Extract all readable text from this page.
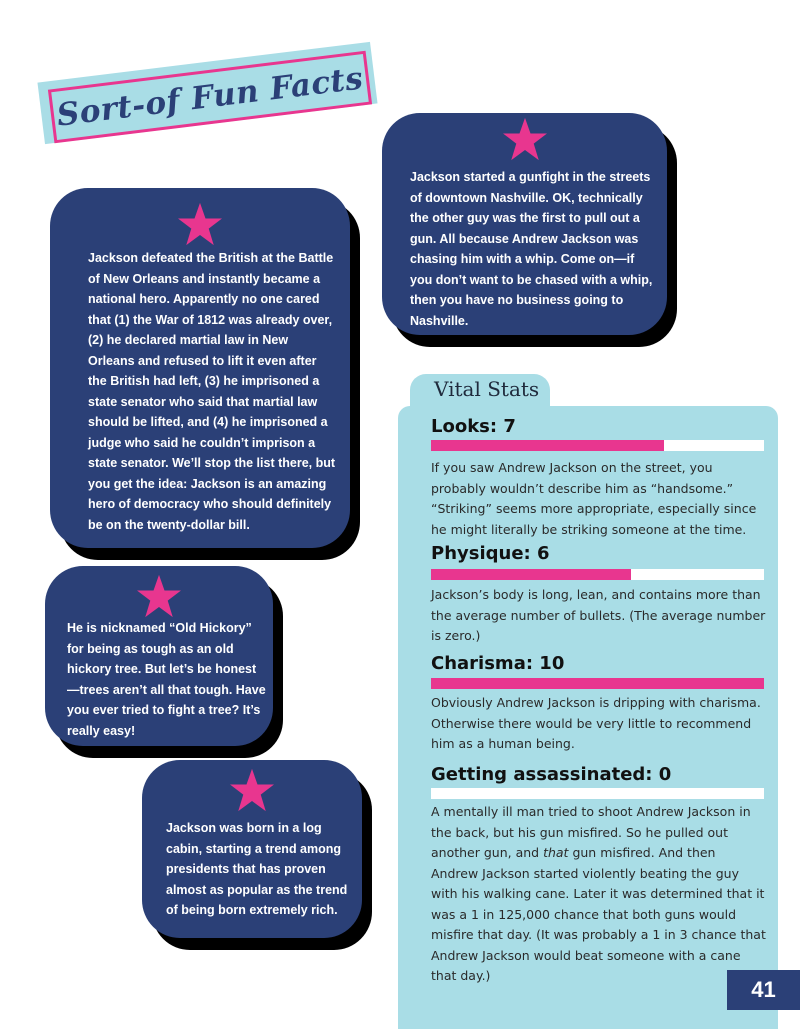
Sort-of Fun Facts
Jackson defeated the British at the Battle of New Orleans and instantly became a national hero. Apparently no one cared that (1) the War of 1812 was already over, (2) he declared martial law in New Orleans and refused to lift it even after the British had left, (3) he imprisoned a state senator who said that martial law should be lifted, and (4) he imprisoned a judge who said he couldn’t imprison a state senator. We’ll stop the list there, but you get the idea: Jackson is an amazing hero of democracy who should definitely be on the twenty-dollar bill.
Jackson started a gunfight in the streets of downtown Nashville. OK, technically the other guy was the first to pull out a gun. All because Andrew Jackson was chasing him with a whip. Come on—if you don’t want to be chased with a whip, then you have no business going to Nashville.
He is nicknamed “Old Hickory” for being as tough as an old hickory tree. But let’s be honest—trees aren’t all that tough. Have you ever tried to fight a tree? It’s really easy!
Jackson was born in a log cabin, starting a trend among presidents that has proven almost as popular as the trend of being born extremely rich.
Vital Stats
Looks: 7
If you saw Andrew Jackson on the street, you probably wouldn’t describe him as “handsome.” “Striking” seems more appropriate, especially since he might literally be striking someone at the time.
Physique: 6
Jackson’s body is long, lean, and contains more than the average number of bullets. (The average number is zero.)
Charisma: 10
Obviously Andrew Jackson is dripping with charisma. Otherwise there would be very little to recommend him as a human being.
Getting assassinated: 0
A mentally ill man tried to shoot Andrew Jackson in the back, but his gun misfired. So he pulled out another gun, and that gun misfired. And then Andrew Jackson started violently beating the guy with his walking cane. Later it was determined that it was a 1 in 125,000 chance that both guns would misfire that day. (It was probably a 1 in 3 chance that Andrew Jackson would beat someone with a cane that day.)
41
